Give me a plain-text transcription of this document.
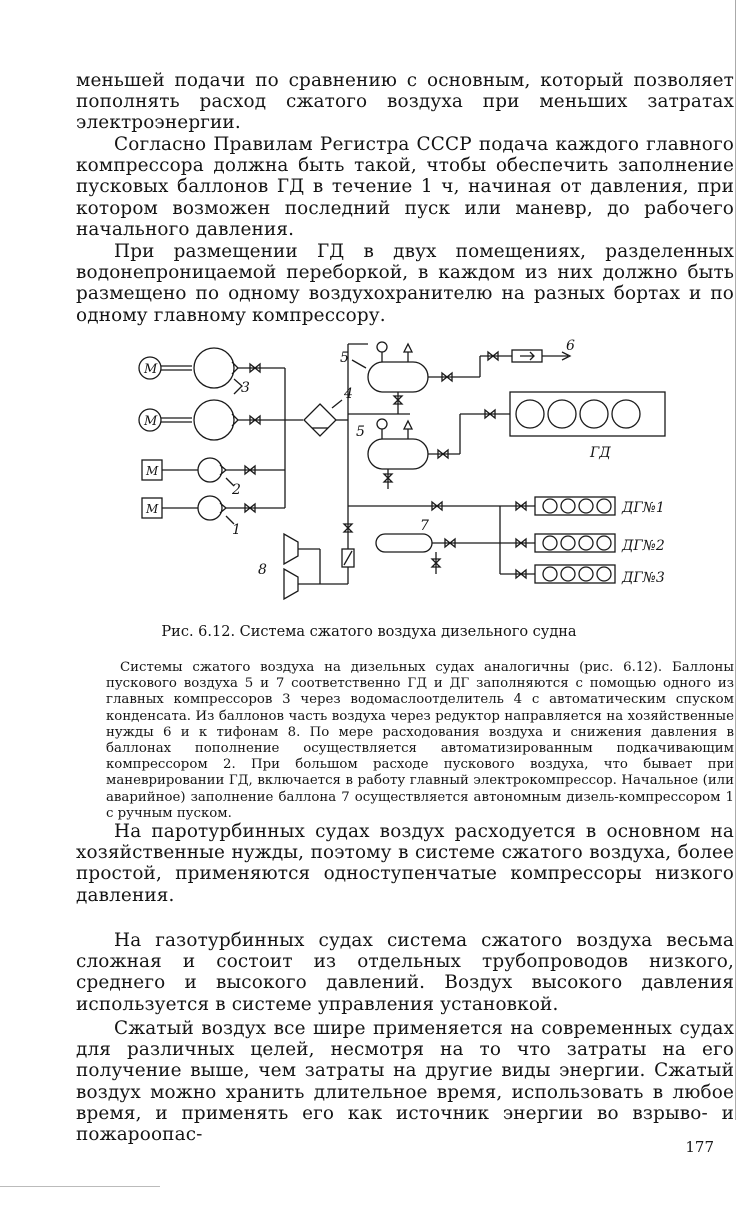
меньшей подачи по сравнению с основным, который позволяет пополнять расход сжатого воздуха при меньших затратах электроэнергии.

Согласно Правилам Регистра СССР подача каждого главного компрессора должна быть такой, чтобы обеспечить заполнение пусковых баллонов ГД в течение 1 ч, начиная от давления, при котором возможен последний пуск или маневр, до рабочего начального давления.

При размещении ГД в двух помещениях, разделенных водонепроницаемой переборкой, в каждом из них должно быть размещено по одному воздухохранителю на разных бортах и по одному главному компрессору.

М
М
3
М
2
М
1
4
5
5
6
ГД
7
ДГ№1
ДГ№2
ДГ№3
8

Рис. 6.12. Система сжатого воздуха дизельного судна

Системы сжатого воздуха на дизельных судах аналогичны (рис. 6.12). Баллоны пускового воздуха 5 и 7 соответственно ГД и ДГ заполняются с помощью одного из главных компрессоров 3 через водомаслоотделитель 4 с автоматическим спуском конденсата. Из баллонов часть воздуха через редуктор направляется на хозяйственные нужды 6 и к тифонам 8. По мере расходования воздуха и снижения давления в баллонах пополнение осуществляется автоматизированным подкачивающим компрессором 2. При большом расходе пускового воздуха, что бывает при маневрировании ГД, включается в работу главный электрокомпрессор. Начальное (или аварийное) заполнение баллона 7 осуществляется автономным дизель-компрессором 1 с ручным пуском.

На паротурбинных судах воздух расходуется в основном на хозяйственные нужды, поэтому в системе сжатого воздуха, более простой, применяются одноступенчатые компрессоры низкого давления.

На газотурбинных судах система сжатого воздуха весьма сложная и состоит из отдельных трубопроводов низкого, среднего и высокого давлений. Воздух высокого давления используется в системе управления установкой.

Сжатый воздух все шире применяется на современных судах для различных целей, несмотря на то что затраты на его получение выше, чем затраты на другие виды энергии. Сжатый воздух можно хранить длительное время, использовать в любое время, и применять его как источник энергии во взрыво- и пожароопас-

177
